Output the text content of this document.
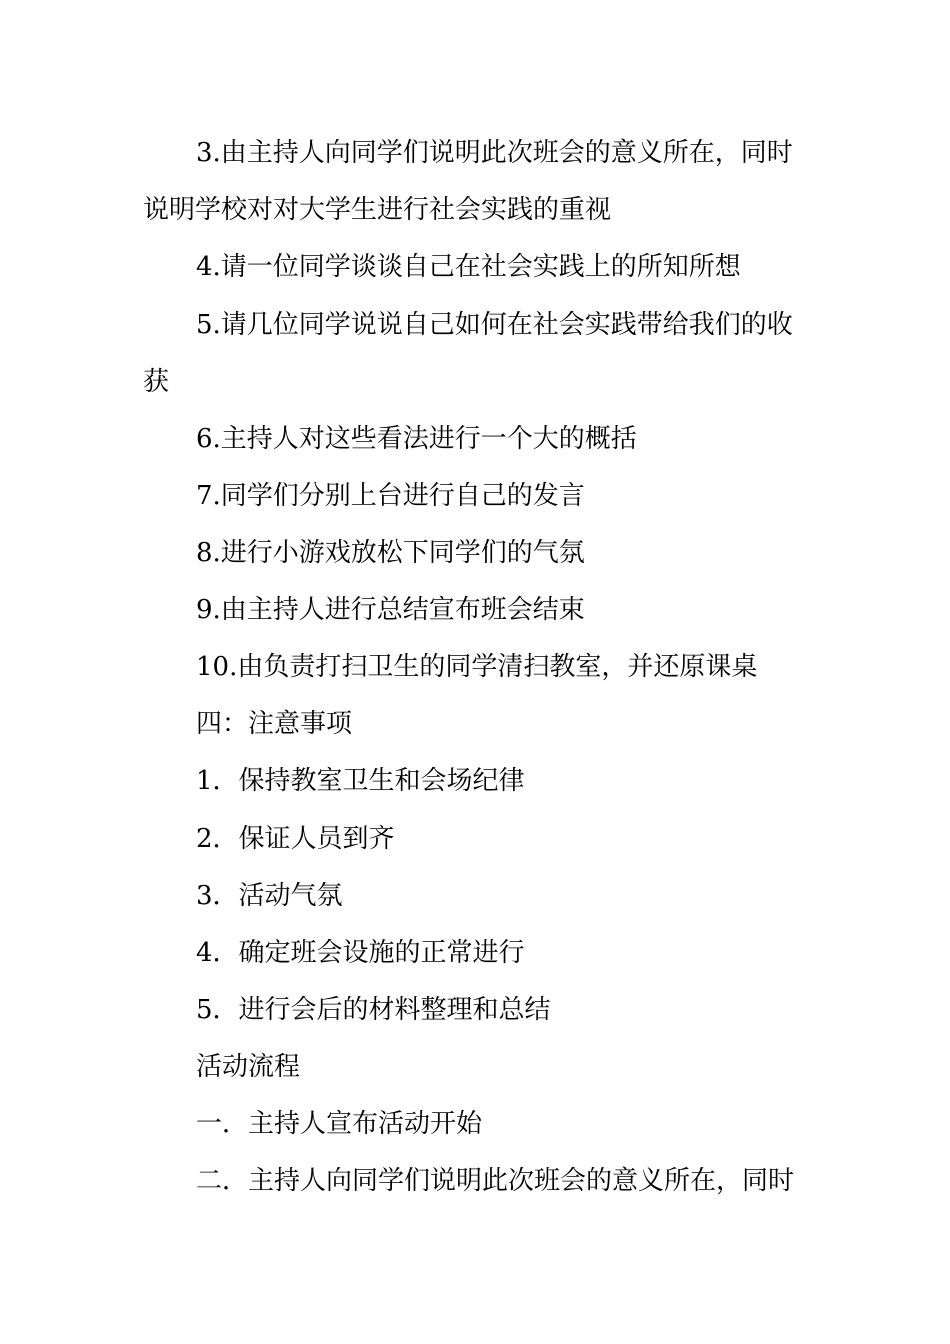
3.由主持人向同学们说明此次班会的意义所在，同时
说明学校对对大学生进行社会实践的重视
4.请一位同学谈谈自己在社会实践上的所知所想
5.请几位同学说说自己如何在社会实践带给我们的收
获
6.主持人对这些看法进行一个大的概括
7.同学们分别上台进行自己的发言
8.进行小游戏放松下同学们的气氛
9.由主持人进行总结宣布班会结束
10.由负责打扫卫生的同学清扫教室，并还原课桌
四：注意事项
1．保持教室卫生和会场纪律
2．保证人员到齐
3．活动气氛
4．确定班会设施的正常进行
5．进行会后的材料整理和总结
活动流程
一．主持人宣布活动开始
二．主持人向同学们说明此次班会的意义所在，同时
